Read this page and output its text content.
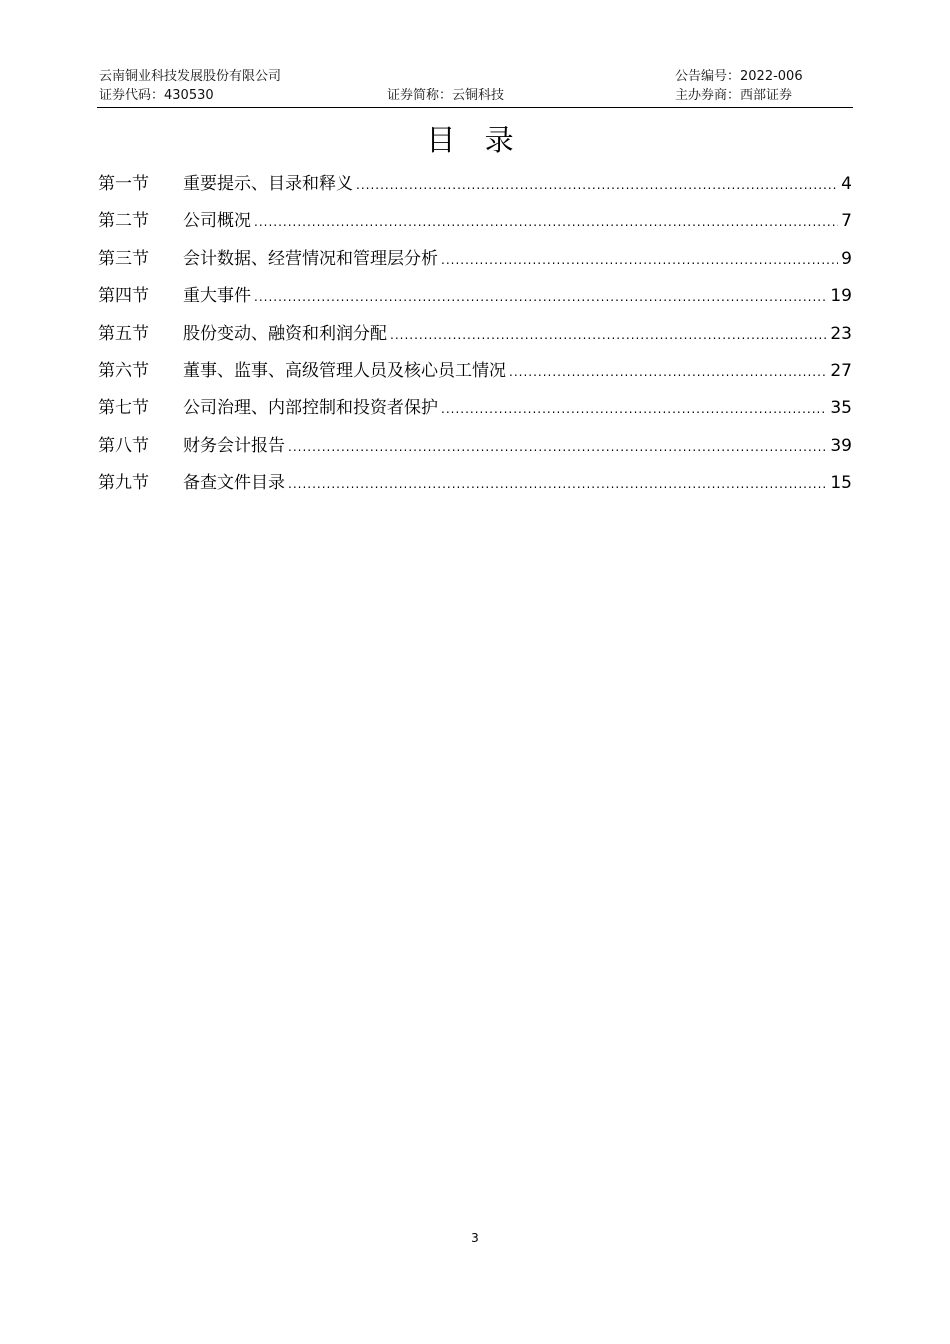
云南铜业科技发展股份有限公司	公告编号：2022-006
证券代码：430530	证券简称：云铜科技	主办券商：西部证券
目 录
第一节	重要提示、目录和释义 .....	4
第二节	公司概况 .....	7
第三节	会计数据、经营情况和管理层分析 .....	9
第四节	重大事件 .....	19
第五节	股份变动、融资和利润分配 .....	23
第六节	董事、监事、高级管理人员及核心员工情况 .....	27
第七节	公司治理、内部控制和投资者保护 .....	35
第八节	财务会计报告 .....	39
第九节	备查文件目录 .....	15
3
